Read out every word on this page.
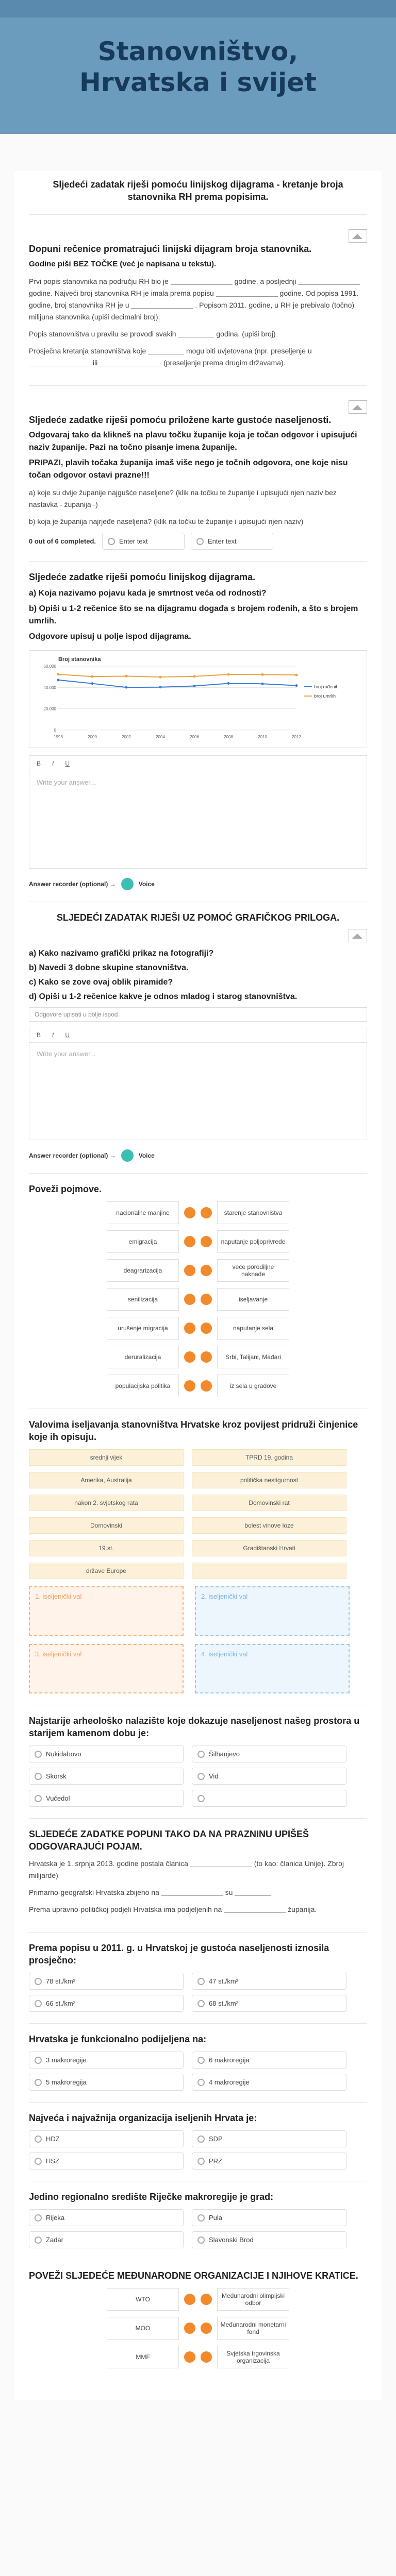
Stanovništvo,
Hrvatska i svijet
Sljedeći zadatak riješi pomoću linijskog dijagrama - kretanje broja stanovnika RH prema popisima.
Dopuni rečenice promatrajući linijski dijagram broja stanovnika.
Godine piši BEZ TOČKE (već je napisana u tekstu).

Prvi popis stanovnika na području RH bio je	godine, a posljednji  godine. Najveći broj stanovnika RH je imala prema popisu	godine. Od popisa 1991. godine, broj stanovnika RH je u	. Popisom 2011. godine, u RH je prebivalo (točno) milijuna stanovnika (upiši decimalni broj).

Popis stanovništva u pravilu se provodi svakih	godina. (upiši broj)

Prosječna kretanja stanovništva koje	mogu biti uvjetovana (npr. preseljenje u  ili	(preseljenje prema drugim državama).

Sljedeće zadatke riješi pomoću priložene karte gustoće naseljenosti.
Odgovaraj tako da klikneš na plavu točku županije koja je točan odgovor i upisujući naziv županije. Pazi na točno pisanje imena županije.
PRIPAZI, plavih točaka županija imaš više nego je točnih odgovora, one koje nisu točan odgovor ostavi prazne!!!
a) koje su dvije županije najgušće naseljene? (klik na točku te županije i upisujući njen naziv bez nastavka - županija -)
b) koja je županija najrjeđe naseljena? (klik na točku te županije i upisujući njen naziv)
0 out of 6 completed.	Enter text	Enter text
Sljedeće zadatke riješi pomoću linijskog dijagrama.
a) Koja nazivamo pojavu kada je smrtnost veća od rodnosti?
b) Opiši u 1-2 rečenice što se na dijagramu događa s brojem rođenih, a što s brojem umrlih.
Odgovore upisuj u polje ispod dijagrama.
Broj stanovnika
0
20.000
40.000
60.000
1998	2000	2002	2004	2006	2008	2010	2012
broj rođenih
broj umrlih
B I U
Write your answer...
Answer recorder (optional) →	Voice
SLJEDEĆI ZADATAK RIJEŠI UZ POMOĆ GRAFIČKOG PRILOGA.
a) Kako nazivamo grafički prikaz na fotografiji?
b) Navedi 3 dobne skupine stanovništva.
c) Kako se zove ovaj oblik piramide?
d) Opiši u 1-2 rečenice kakve je odnos mladog i starog stanovništva.
Odgovore upisati u polje ispod.
B I U
Write your answer...
Answer recorder (optional) →	Voice
Poveži pojmove.
nacionalne manjine	starenje stanovništva
emigracija	naputanje poljoprivrede
deagrarizacija	veće porodiljne naknade
senilizacija	iseljavanje
urušenje migracija	naputanje sela
deruralizacija	Srbi, Talijani, Mađari
populacijska politika	iz sela u gradove
Valovima iseljavanja stanovništva Hrvatske kroz povijest pridruži činjenice koje ih opisuju.
srednji vijek	TPRD 19. godina
Amerika, Australija	politička nestigurnost
nakon 2. svjetskog rata	Domovinski rat
Domovinski	bolest vinove loze
19.st.	Gradištanski Hrvati
države Europe
1. iseljenički val	2. iseljenički val
3. iseljenički val	4. iseljenički val
Najstarije arheološko nalazište koje dokazuje naseljenost našeg prostora u starijem kamenom dobu je:
Nukidabovo	Šilhanjevo
Skorsk	Vid
Vučedol
SLJEDEĆE ZADATKE POPUNI TAKO DA NA PRAZNINU UPIŠEŠ ODGOVARAJUĆI POJAM.

Hrvatska je 1. srpnja 2013. godine postala članica	(to kao: članica Unije). Zbroj milijarde)

Primarno-geografski Hrvatska zbijeno na	su

Prema upravno-političkoj podjeli Hrvatska ima podjeljenih na	županija.

Prema popisu u 2011. g. u Hrvatskoj je gustoća naseljenosti iznosila prosječno:
78 st./km²	47 st./km²
66 st./km²	68 st./km²
Hrvatska je funkcionalno podijeljena na:
3 makroregije	6 makroregija
5 makroregija	4 makroregije
Najveća i najvažnija organizacija iseljenih Hrvata je:
HDZ	SDP
HSZ	PRZ
Jedino regionalno središte Riječke makroregije je grad:
Rijeka	Pula
Zadar	Slavonski Brod
POVEŽI SLJEDEĆE MEĐUNARODNE ORGANIZACIJE I NJIHOVE KRATICE.
WTO	Međunarodni olimpijski odbor
MOO	Međunarodni monetarni fond
MMF	Svjetska trgovinska organizacija
